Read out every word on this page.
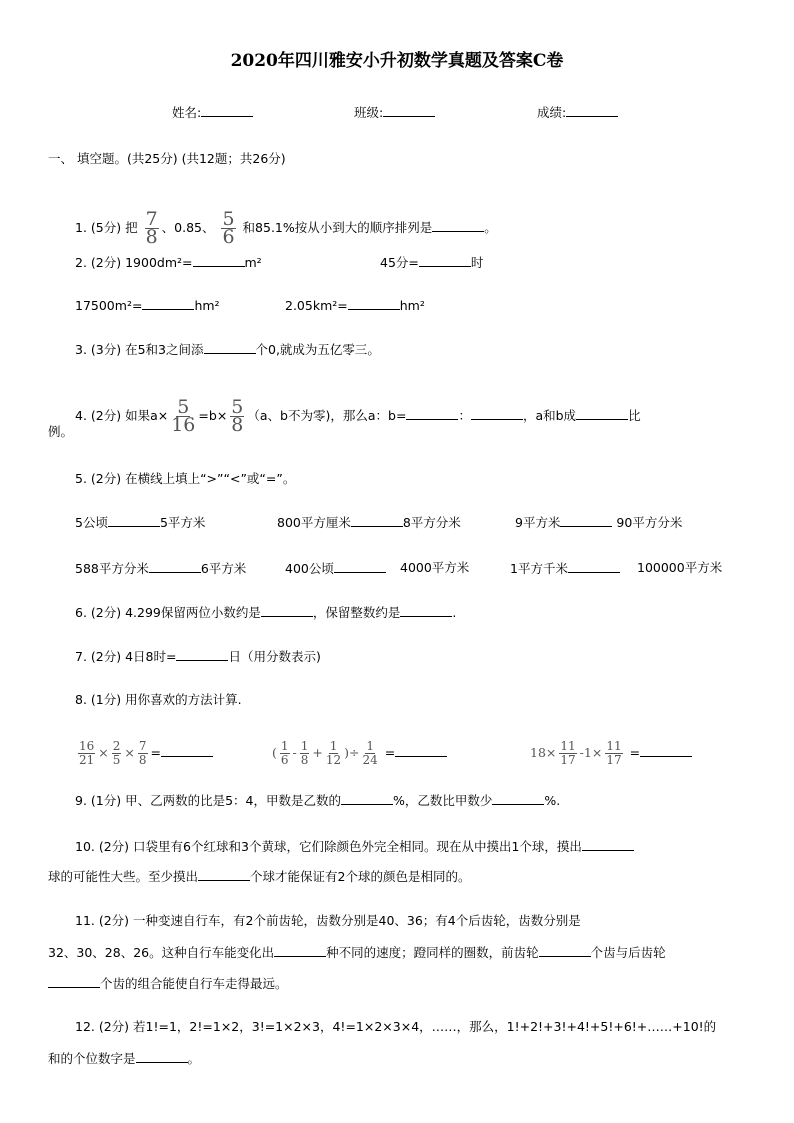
2020年四川雅安小升初数学真题及答案C卷
姓名:	班级:	成绩:
一、 填空题。(共25分) (共12题；共26分)
1. (5分) 把 $\frac{7}{8}$ 、0.85、 $\frac{5}{6}$ 和85.1%按从小到大的顺序排列是	。
2. (2分) 1900dm²=	m²	45分=	时
17500m²=	hm²	2.05km²=	hm²
3. (3分) 在5和3之间添	个0,就成为五亿零三。
4. (2分) 如果$a\times \frac{5}{16} =b\times \frac{5}{8} (a$、b不为零)，那么a：b=	：	，a和b成	比
例。
5. (2分) 在横线上填上“>”“<”或“=”。
5公顷	5平方米	800平方厘米	8平方分米	9平方米	90平方分米
588平方分米	6平方米	400公顷	4000平方米	1平方千米	100000平方米
6. (2分) 4.299保留两位小数约是	，保留整数约是	.
7. (2分) 4日8时=	日（用分数表示)
8. (1分) 用你喜欢的方法计算.
$\frac{16}{21} \times \frac{2}{5} \times \frac{7}{8}$ =	( $\frac{1}{6} - \frac{1}{8} + \frac{1}{12}$ )÷ $\frac{1}{24}$ =	$18\times \frac{11}{17} -1\times \frac{11}{17}$ =
9. (1分) 甲、乙两数的比是5：4，甲数是乙数的	%，乙数比甲数少	%.
10. (2分) 口袋里有6个红球和3个黄球，它们除颜色外完全相同。现在从中摸出1个球，摸出
球的可能性大些。至少摸出	个球才能保证有2个球的颜色是相同的。
11. (2分) 一种变速自行车，有2个前齿轮，齿数分别是40、36；有4个后齿轮，齿数分别是
32、30、28、26。这种自行车能变化出	种不同的速度；蹬同样的圈数，前齿轮	个齿与后齿轮
个齿的组合能使自行车走得最远。
12. (2分) 若1!=1，2!=1×2，3!=1×2×3，4!=1×2×3×4，……，那么，1!+2!+3!+4!+5!+6!+……+10!的
和的个位数字是	。
